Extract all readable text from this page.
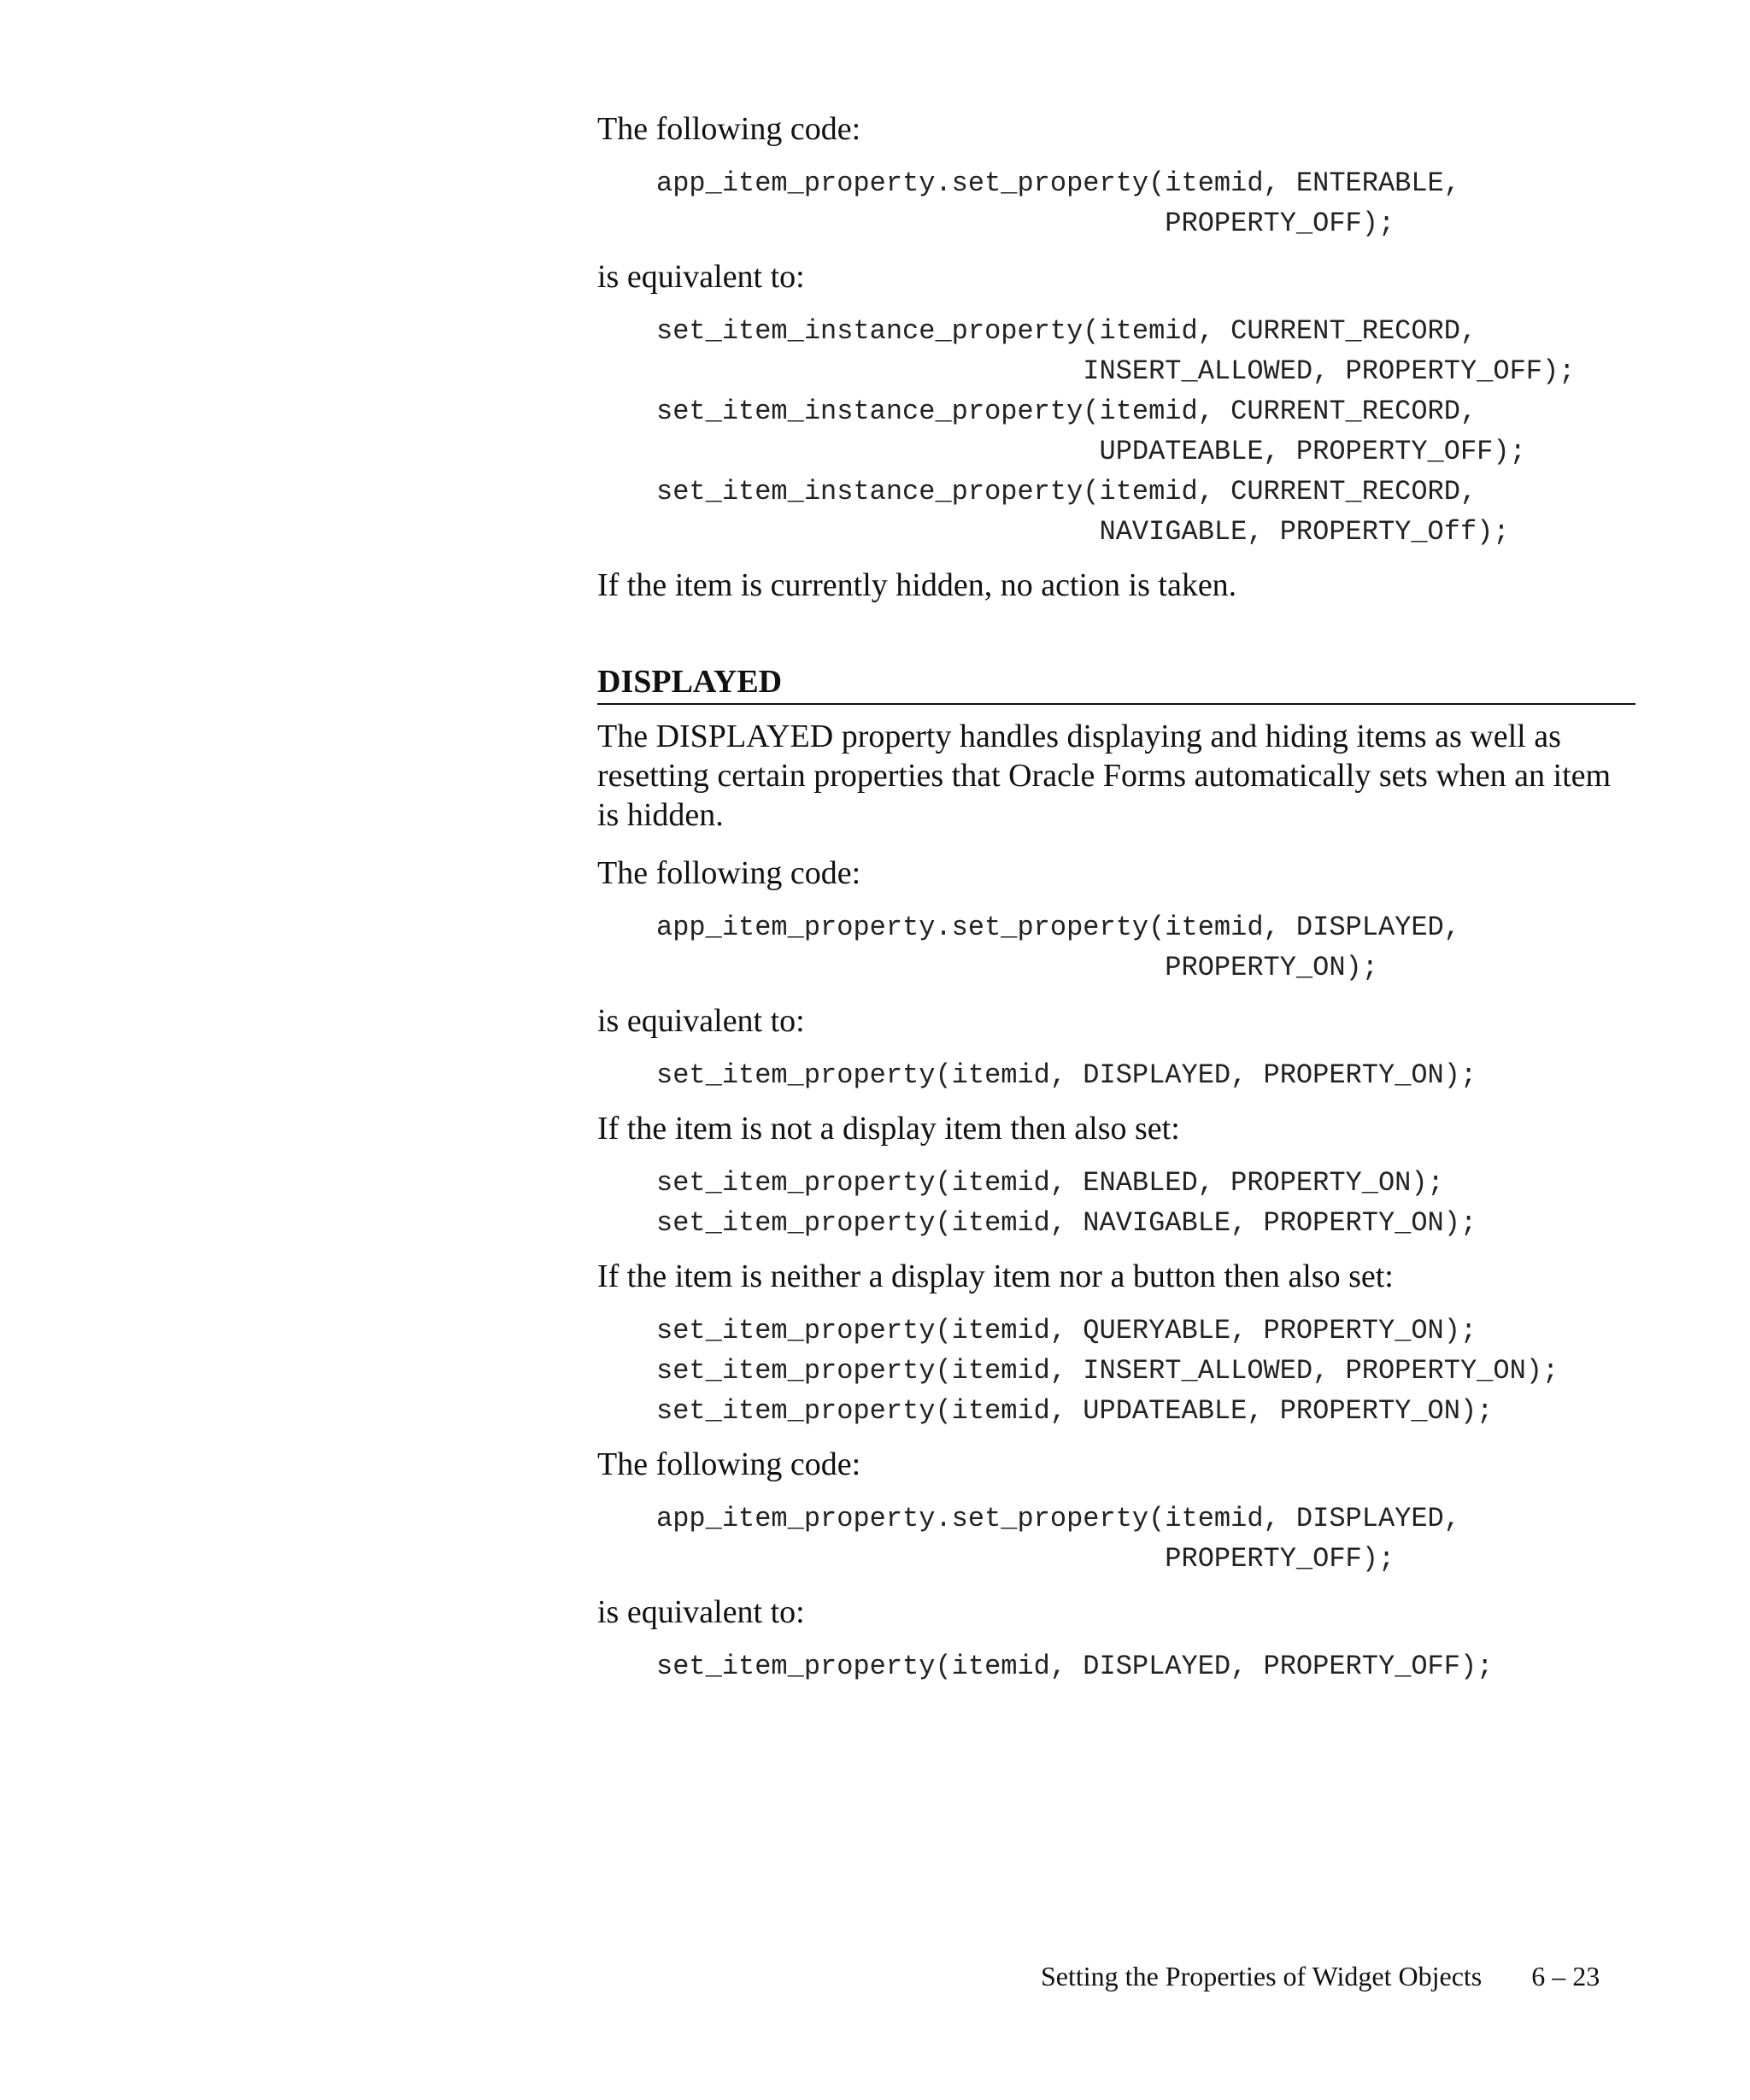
The following code:

app_item_property.set_property(itemid, ENTERABLE,
PROPERTY_OFF);

is equivalent to:

set_item_instance_property(itemid, CURRENT_RECORD,
INSERT_ALLOWED, PROPERTY_OFF);
set_item_instance_property(itemid, CURRENT_RECORD,
UPDATEABLE, PROPERTY_OFF);
set_item_instance_property(itemid, CURRENT_RECORD,
NAVIGABLE, PROPERTY_Off);

If the item is currently hidden, no action is taken.

DISPLAYED

The DISPLAYED property handles displaying and hiding items as well as resetting certain properties that Oracle Forms automatically sets when an item is hidden.

The following code:

app_item_property.set_property(itemid, DISPLAYED,
PROPERTY_ON);

is equivalent to:

set_item_property(itemid, DISPLAYED, PROPERTY_ON);

If the item is not a display item then also set:

set_item_property(itemid, ENABLED, PROPERTY_ON);
set_item_property(itemid, NAVIGABLE, PROPERTY_ON);

If the item is neither a display item nor a button then also set:

set_item_property(itemid, QUERYABLE, PROPERTY_ON);
set_item_property(itemid, INSERT_ALLOWED, PROPERTY_ON);
set_item_property(itemid, UPDATEABLE, PROPERTY_ON);

The following code:

app_item_property.set_property(itemid, DISPLAYED,
PROPERTY_OFF);

is equivalent to:

set_item_property(itemid, DISPLAYED, PROPERTY_OFF);
Setting the Properties of Widget Objects 6 – 23
